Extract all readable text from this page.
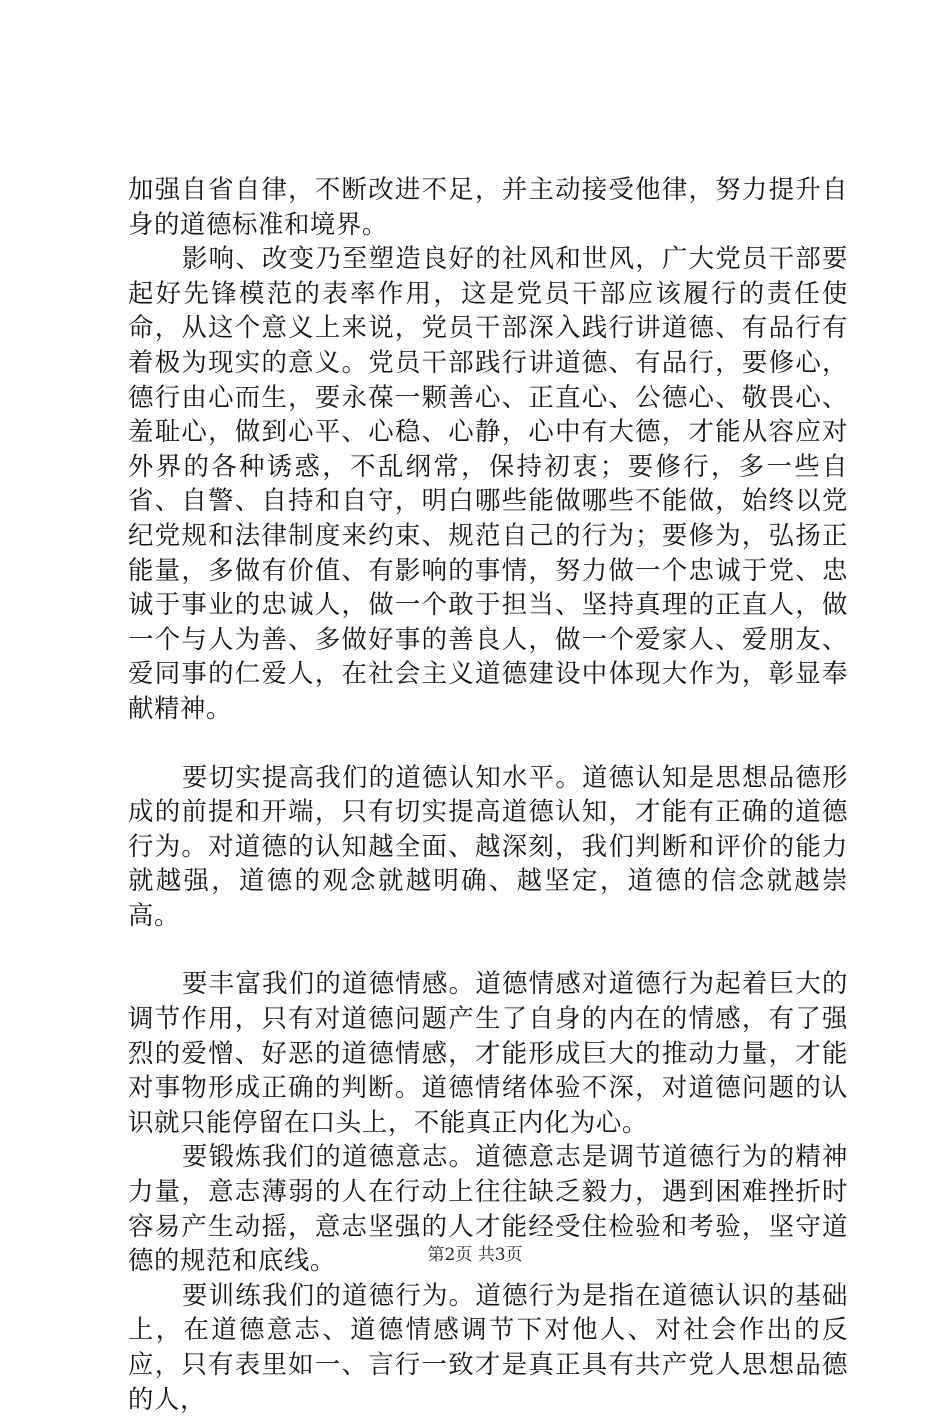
加强自省自律，不断改进不足，并主动接受他律，努力提升自身的道德标准和境界。

影响、改变乃至塑造良好的社风和世风，广大党员干部要起好先锋模范的表率作用，这是党员干部应该履行的责任使命，从这个意义上来说，党员干部深入践行讲道德、有品行有着极为现实的意义。党员干部践行讲道德、有品行，要修心，德行由心而生，要永葆一颗善心、正直心、公德心、敬畏心、羞耻心，做到心平、心稳、心静，心中有大德，才能从容应对外界的各种诱惑，不乱纲常，保持初衷；要修行，多一些自省、自警、自持和自守，明白哪些能做哪些不能做，始终以党纪党规和法律制度来约束、规范自己的行为；要修为，弘扬正能量，多做有价值、有影响的事情，努力做一个忠诚于党、忠诚于事业的忠诚人，做一个敢于担当、坚持真理的正直人，做一个与人为善、多做好事的善良人，做一个爱家人、爱朋友、爱同事的仁爱人，在社会主义道德建设中体现大作为，彰显奉献精神。

要切实提高我们的道德认知水平。道德认知是思想品德形成的前提和开端，只有切实提高道德认知，才能有正确的道德行为。对道德的认知越全面、越深刻，我们判断和评价的能力就越强，道德的观念就越明确、越坚定，道德的信念就越崇高。

要丰富我们的道德情感。道德情感对道德行为起着巨大的调节作用，只有对道德问题产生了自身的内在的情感，有了强烈的爱憎、好恶的道德情感，才能形成巨大的推动力量，才能对事物形成正确的判断。道德情绪体验不深，对道德问题的认识就只能停留在口头上，不能真正内化为心。

要锻炼我们的道德意志。道德意志是调节道德行为的精神力量，意志薄弱的人在行动上往往缺乏毅力，遇到困难挫折时容易产生动摇，意志坚强的人才能经受住检验和考验，坚守道德的规范和底线。

要训练我们的道德行为。道德行为是指在道德认识的基础上，在道德意志、道德情感调节下对他人、对社会作出的反应，只有表里如一、言行一致才是真正具有共产党人思想品德的人，

第2页 共3页
